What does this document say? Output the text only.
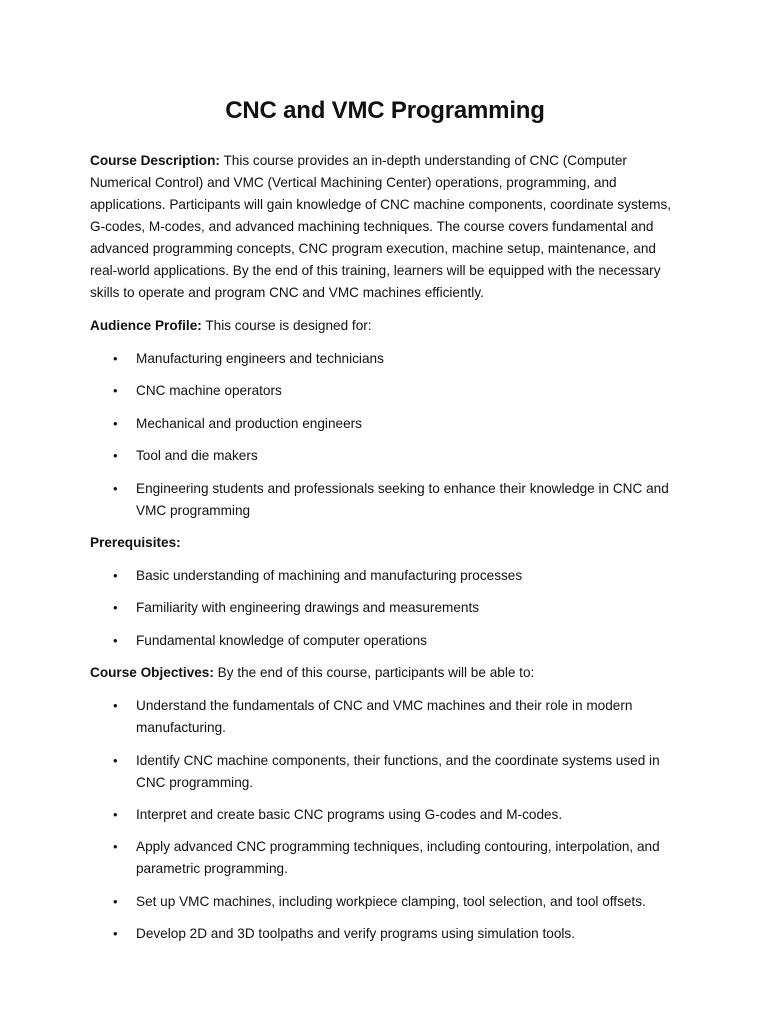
CNC and VMC Programming

Course Description: This course provides an in-depth understanding of CNC (Computer Numerical Control) and VMC (Vertical Machining Center) operations, programming, and applications. Participants will gain knowledge of CNC machine components, coordinate systems, G-codes, M-codes, and advanced machining techniques. The course covers fundamental and advanced programming concepts, CNC program execution, machine setup, maintenance, and real-world applications. By the end of this training, learners will be equipped with the necessary skills to operate and program CNC and VMC machines efficiently.

Audience Profile: This course is designed for:

• Manufacturing engineers and technicians
• CNC machine operators
• Mechanical and production engineers
• Tool and die makers
• Engineering students and professionals seeking to enhance their knowledge in CNC and VMC programming

Prerequisites:

• Basic understanding of machining and manufacturing processes
• Familiarity with engineering drawings and measurements
• Fundamental knowledge of computer operations

Course Objectives: By the end of this course, participants will be able to:

• Understand the fundamentals of CNC and VMC machines and their role in modern manufacturing.
• Identify CNC machine components, their functions, and the coordinate systems used in CNC programming.
• Interpret and create basic CNC programs using G-codes and M-codes.
• Apply advanced CNC programming techniques, including contouring, interpolation, and parametric programming.
• Set up VMC machines, including workpiece clamping, tool selection, and tool offsets.
• Develop 2D and 3D toolpaths and verify programs using simulation tools.
